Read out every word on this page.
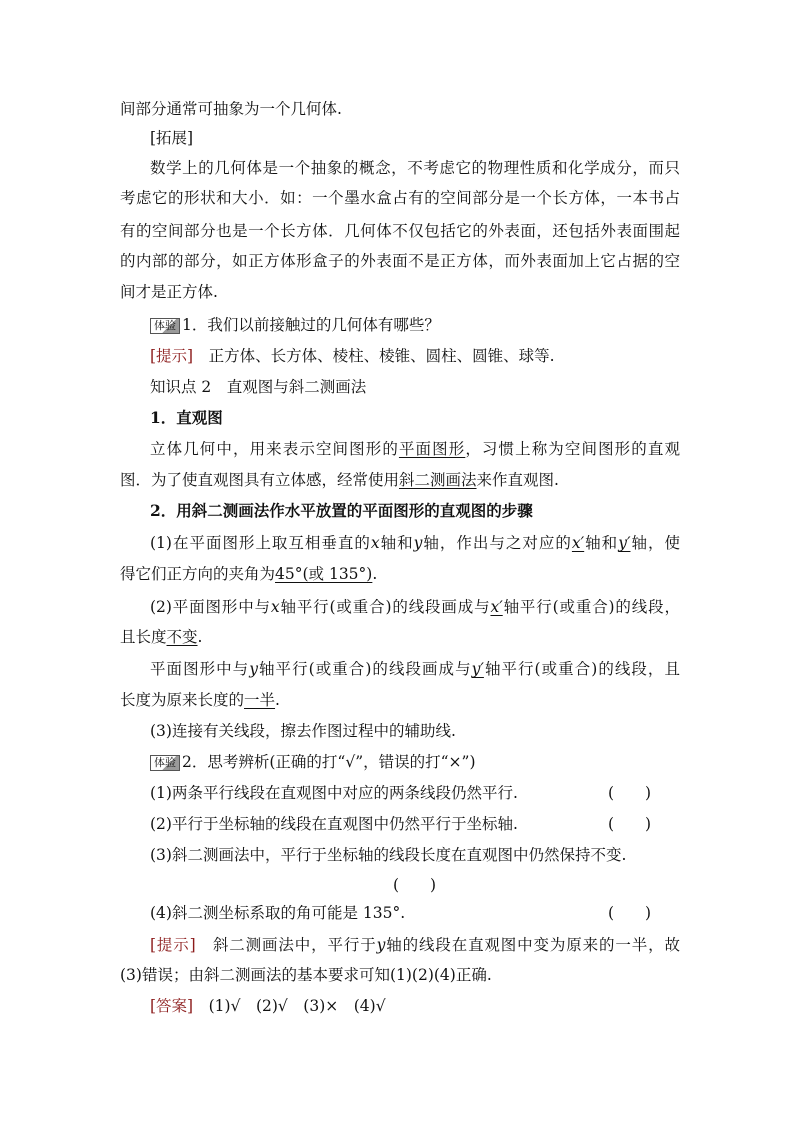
间部分通常可抽象为一个几何体.
[拓展]
数学上的几何体是一个抽象的概念，不考虑它的物理性质和化学成分，而只
考虑它的形状和大小．如：一个墨水盒占有的空间部分是一个长方体，一本书占
有的空间部分也是一个长方体．几何体不仅包括它的外表面，还包括外表面围起
的内部的部分，如正方体形盒子的外表面不是正方体，而外表面加上它占据的空
间才是正方体.
体验 1．我们以前接触过的几何体有哪些？
[提示]　 正方体、长方体、棱柱、棱锥、圆柱、圆锥、球等.
知识点 2　直观图与斜二测画法
1．直观图
立体几何中，用来表示空间图形的平面图形，习惯上称为空间图形的直观
图．为了使直观图具有立体感，经常使用斜二测画法来作直观图.
2．用斜二测画法作水平放置的平面图形的直观图的步骤
(1)在平面图形上取互相垂直的x轴和y轴，作出与之对应的x′轴和y′轴，使
得它们正方向的夹角为45°(或 135°).
(2)平面图形中与x轴平行(或重合)的线段画成与x′轴平行(或重合)的线段，
且长度不变.
平面图形中与y轴平行(或重合)的线段画成与y′轴平行(或重合)的线段，且
长度为原来长度的一半.
(3)连接有关线段，擦去作图过程中的辅助线.
体验 2．思考辨析(正确的打“√”，错误的打“×”)
(1)两条平行线段在直观图中对应的两条线段仍然平行.	(　　)
(2)平行于坐标轴的线段在直观图中仍然平行于坐标轴.	(　　)
(3)斜二测画法中，平行于坐标轴的线段长度在直观图中仍然保持不变.
(　　)
(4)斜二测坐标系取的角可能是 135°.	(　　)
[提示]　 斜二测画法中，平行于y轴的线段在直观图中变为原来的一半，故
(3)错误；由斜二测画法的基本要求可知(1)(2)(4)正确.
[答案]　 (1)√　(2)√　(3)×　(4)√
